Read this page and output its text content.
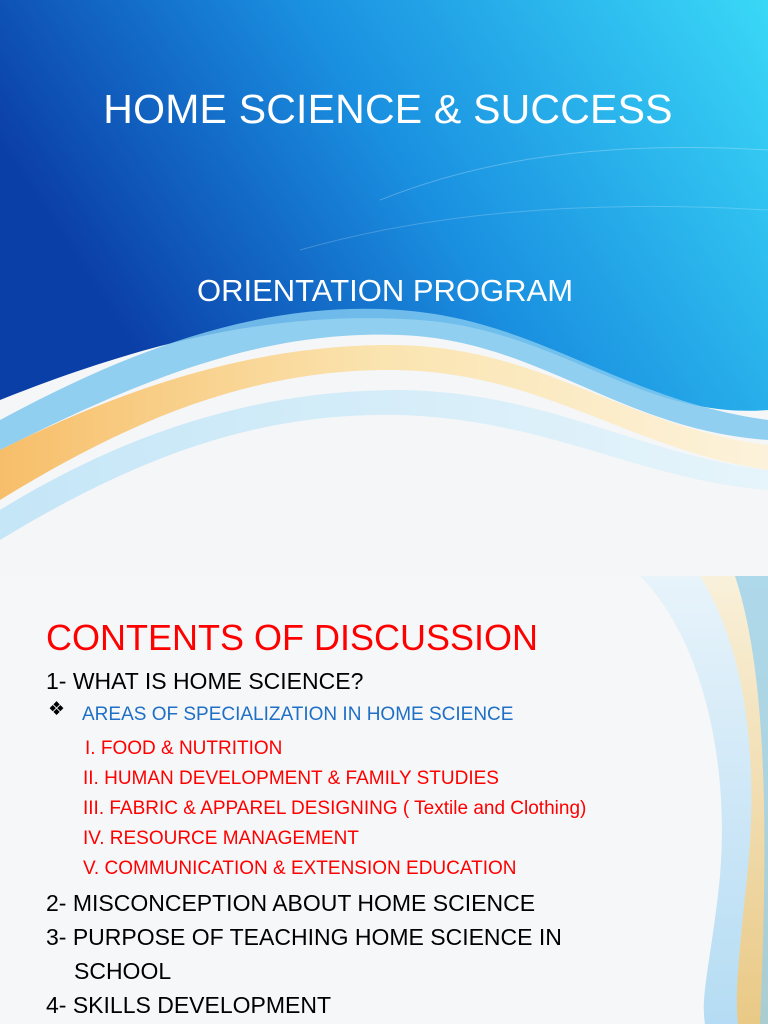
HOME SCIENCE & SUCCESS
ORIENTATION PROGRAM
CONTENTS OF DISCUSSION
1- WHAT IS HOME SCIENCE?
❖ AREAS OF SPECIALIZATION IN HOME SCIENCE
I. FOOD & NUTRITION
II. HUMAN DEVELOPMENT & FAMILY STUDIES
III. FABRIC & APPAREL DESIGNING ( Textile and Clothing)
IV. RESOURCE MANAGEMENT
V. COMMUNICATION & EXTENSION EDUCATION
2- MISCONCEPTION ABOUT HOME SCIENCE
3- PURPOSE OF TEACHING HOME SCIENCE IN
SCHOOL
4- SKILLS DEVELOPMENT
